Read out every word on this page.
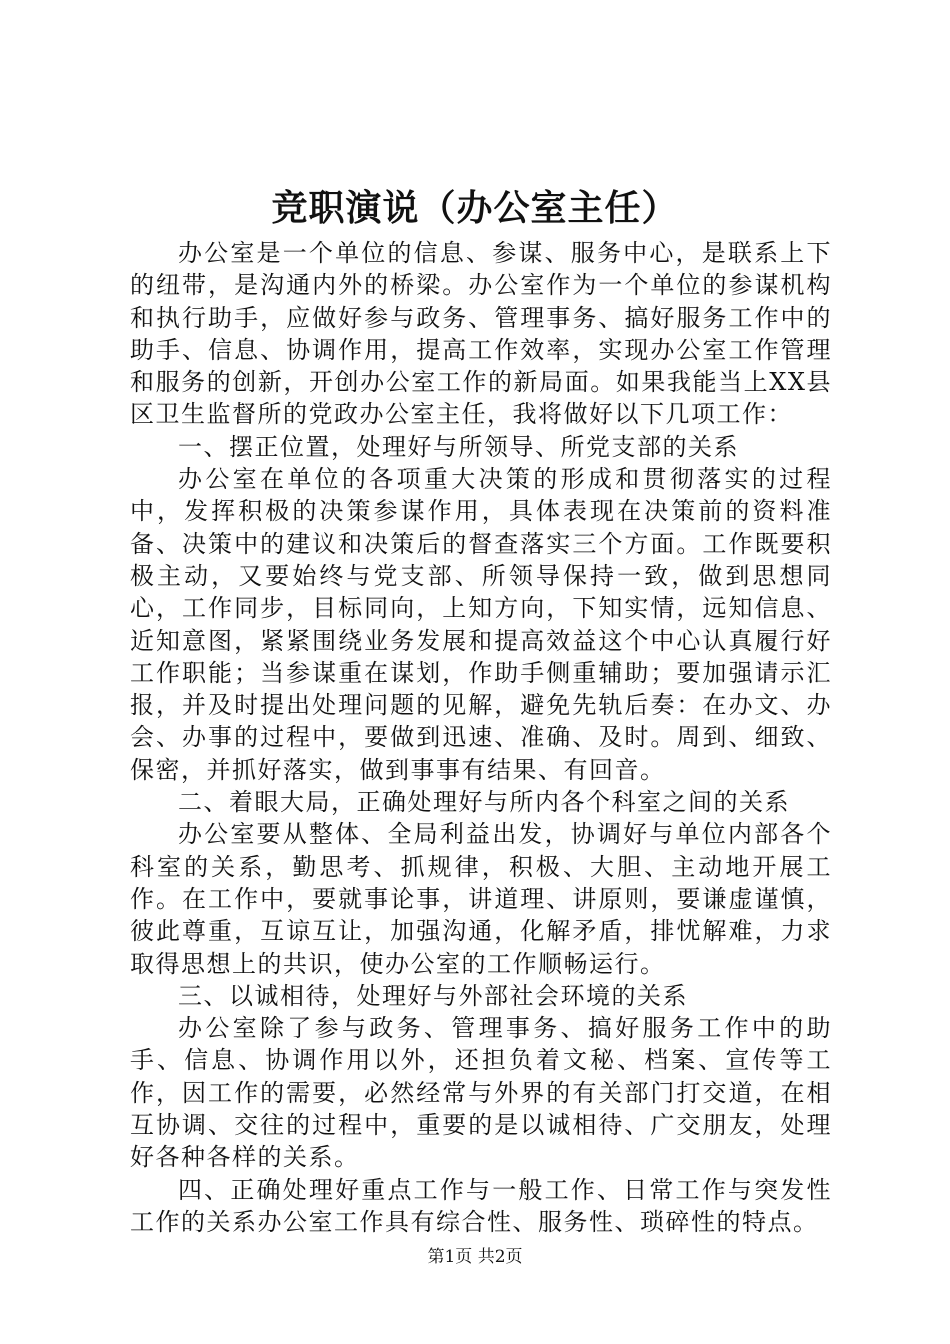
竞职演说（办公室主任）

办公室是一个单位的信息、参谋、服务中心，是联系上下的纽带，是沟通内外的桥梁。办公室作为一个单位的参谋机构和执行助手，应做好参与政务、管理事务、搞好服务工作中的助手、信息、协调作用，提高工作效率，实现办公室工作管理和服务的创新，开创办公室工作的新局面。如果我能当上XX县区卫生监督所的党政办公室主任，我将做好以下几项工作：

一、摆正位置，处理好与所领导、所党支部的关系

办公室在单位的各项重大决策的形成和贯彻落实的过程中，发挥积极的决策参谋作用，具体表现在决策前的资料准备、决策中的建议和决策后的督查落实三个方面。工作既要积极主动，又要始终与党支部、所领导保持一致，做到思想同心，工作同步，目标同向，上知方向，下知实情，远知信息、近知意图，紧紧围绕业务发展和提高效益这个中心认真履行好工作职能；当参谋重在谋划，作助手侧重辅助；要加强请示汇报，并及时提出处理问题的见解，避免先轨后奏：在办文、办会、办事的过程中，要做到迅速、准确、及时。周到、细致、保密，并抓好落实，做到事事有结果、有回音。

二、着眼大局，正确处理好与所内各个科室之间的关系

办公室要从整体、全局利益出发，协调好与单位内部各个科室的关系，勤思考、抓规律，积极、大胆、主动地开展工作。在工作中，要就事论事，讲道理、讲原则，要谦虚谨慎，彼此尊重，互谅互让，加强沟通，化解矛盾，排忧解难，力求取得思想上的共识，使办公室的工作顺畅运行。

三、以诚相待，处理好与外部社会环境的关系

办公室除了参与政务、管理事务、搞好服务工作中的助手、信息、协调作用以外，还担负着文秘、档案、宣传等工作，因工作的需要，必然经常与外界的有关部门打交道，在相互协调、交往的过程中，重要的是以诚相待、广交朋友，处理好各种各样的关系。

四、正确处理好重点工作与一般工作、日常工作与突发性工作的关系办公室工作具有综合性、服务性、琐碎性的特点。

第1页 共2页
